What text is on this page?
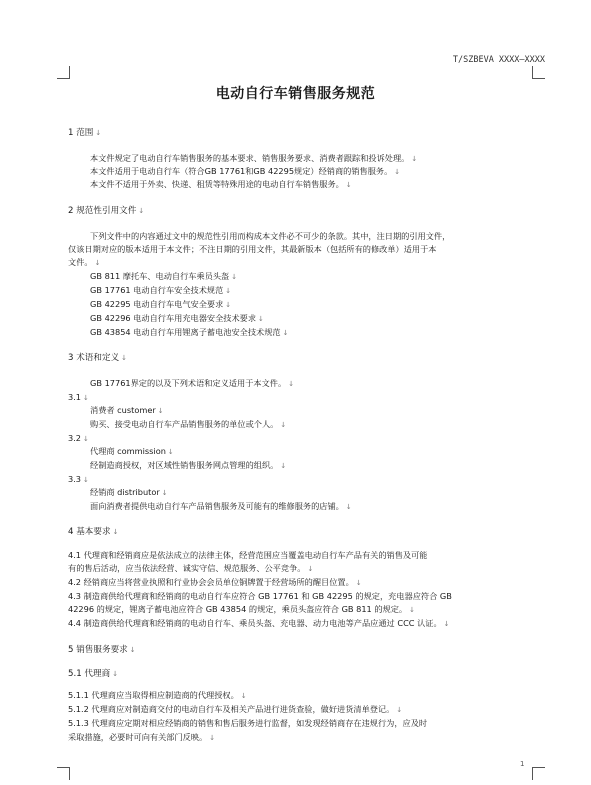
T/SZBEVA XXXX—XXXX
电动自行车销售服务规范
1 范围 ↓
本文件规定了电动自行车销售服务的基本要求、销售服务要求、消费者跟踪和投诉处理。 ↓
本文件适用于电动自行车（符合GB 17761和GB 42295规定）经销商的销售服务。 ↓
本文件不适用于外卖、快递、租赁等特殊用途的电动自行车销售服务。 ↓
2 规范性引用文件 ↓
下列文件中的内容通过文中的规范性引用而构成本文件必不可少的条款。其中，注日期的引用文件，
仅该日期对应的版本适用于本文件；不注日期的引用文件，其最新版本（包括所有的修改单）适用于本
文件。 ↓
GB 811 摩托车、电动自行车乘员头盔 ↓
GB 17761 电动自行车安全技术规范 ↓
GB 42295 电动自行车电气安全要求 ↓
GB 42296 电动自行车用充电器安全技术要求 ↓
GB 43854 电动自行车用锂离子蓄电池安全技术规范 ↓
3 术语和定义 ↓
GB 17761界定的以及下列术语和定义适用于本文件。 ↓
3.1 ↓
消费者 customer ↓
购买、接受电动自行车产品销售服务的单位或个人。 ↓
3.2 ↓
代理商 commission ↓
经制造商授权，对区域性销售服务网点管理的组织。 ↓
3.3 ↓
经销商 distributor ↓
面向消费者提供电动自行车产品销售服务及可能有的维修服务的店铺。 ↓
4 基本要求 ↓
4.1 代理商和经销商应是依法成立的法律主体，经营范围应当覆盖电动自行车产品有关的销售及可能
有的售后活动，应当依法经营、诚实守信、规范服务、公平竞争。 ↓
4.2 经销商应当将营业执照和行业协会会员单位铜牌置于经营场所的醒目位置。 ↓
4.3 制造商供给代理商和经销商的电动自行车应符合 GB 17761 和 GB 42295 的规定，充电器应符合 GB
42296 的规定，锂离子蓄电池应符合 GB 43854 的规定，乘员头盔应符合 GB 811 的规定。 ↓
4.4 制造商供给代理商和经销商的电动自行车、乘员头盔、充电器、动力电池等产品应通过 CCC 认证。 ↓
5 销售服务要求 ↓
5.1 代理商 ↓
5.1.1 代理商应当取得相应制造商的代理授权。 ↓
5.1.2 代理商应对制造商交付的电动自行车及相关产品进行进货查验，做好进货清单登记。 ↓
5.1.3 代理商应定期对相应经销商的销售和售后服务进行监督，如发现经销商存在违规行为，应及时
采取措施，必要时可向有关部门反映。 ↓
1
